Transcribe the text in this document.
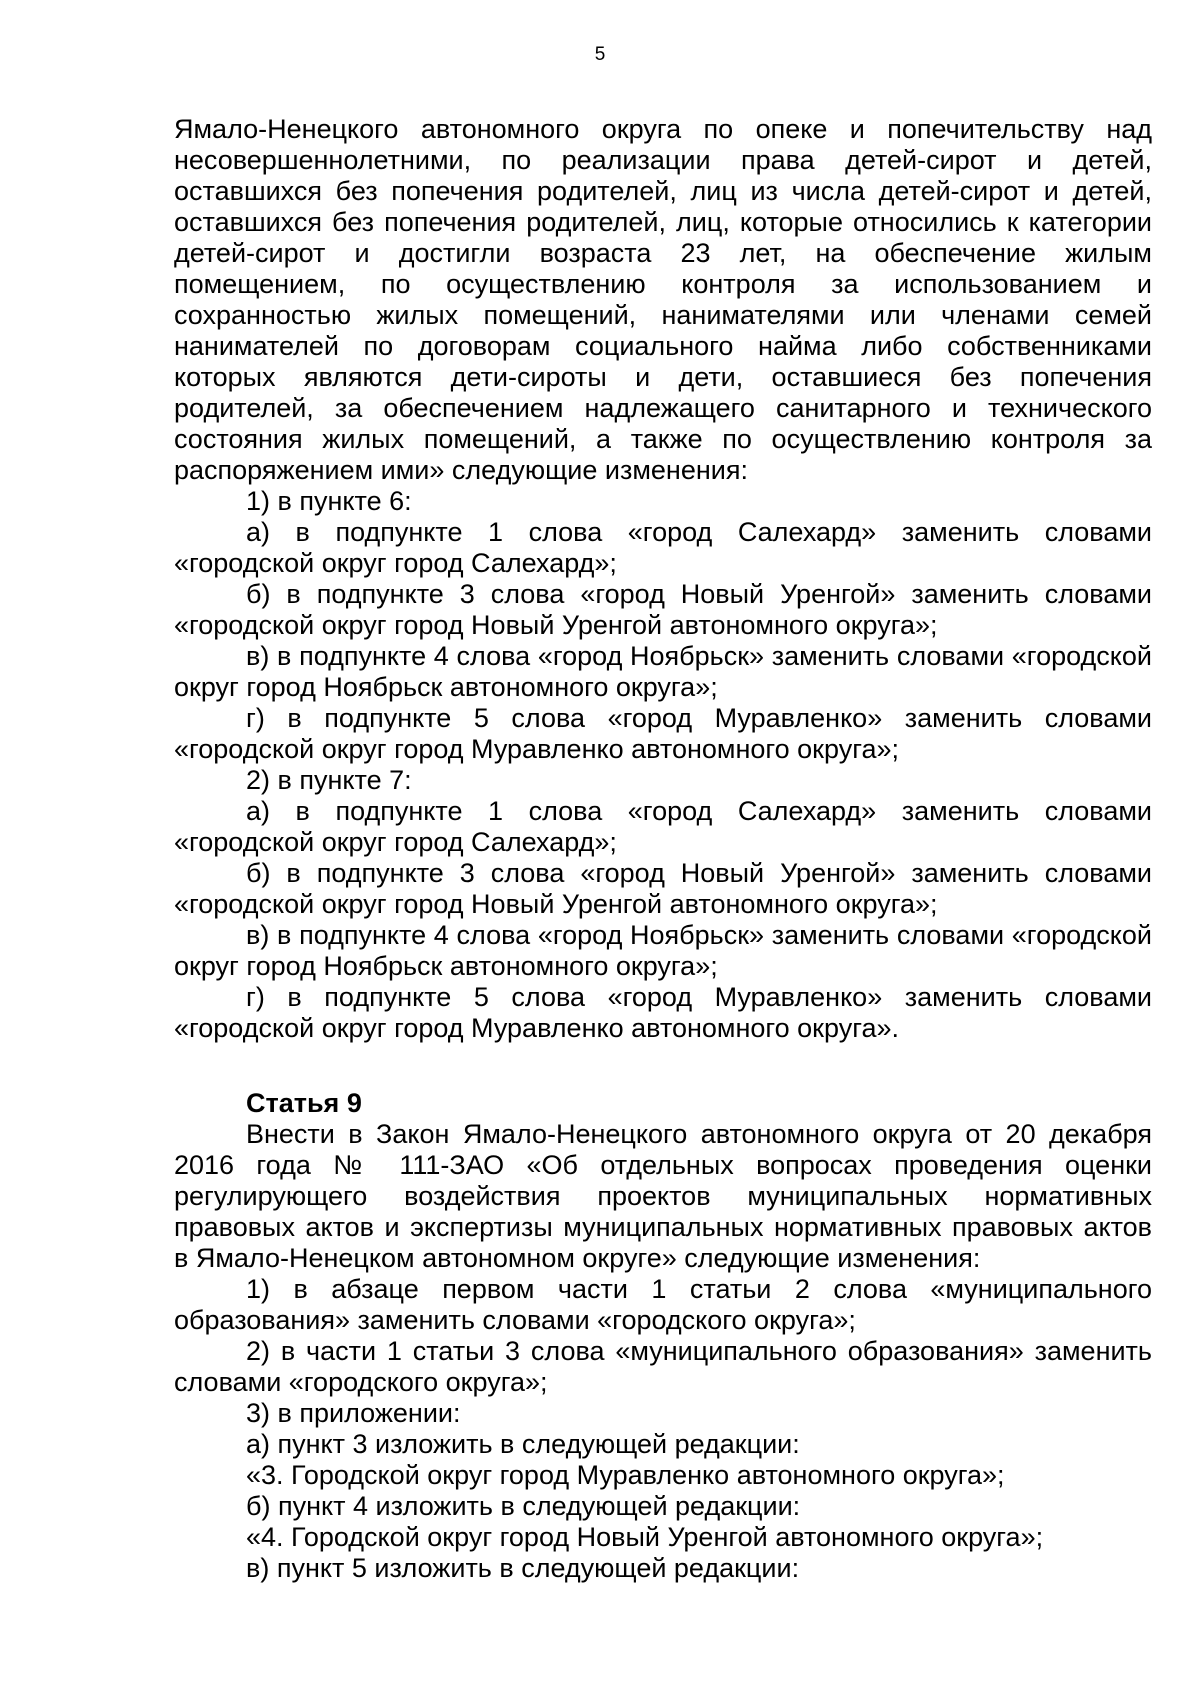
5

Ямало-Ненецкого автономного округа по опеке и попечительству над несовершеннолетними, по реализации права детей-сирот и детей, оставшихся без попечения родителей, лиц из числа детей-сирот и детей, оставшихся без попечения родителей, лиц, которые относились к категории детей-сирот и достигли возраста 23 лет, на обеспечение жилым помещением, по осуществлению контроля за использованием и сохранностью жилых помещений, нанимателями или членами семей нанимателей по договорам социального найма либо собственниками которых являются дети-сироты и дети, оставшиеся без попечения родителей, за обеспечением надлежащего санитарного и технического состояния жилых помещений, а также по осуществлению контроля за распоряжением ими» следующие изменения:

1) в пункте 6:

а) в подпункте 1 слова «город Салехард» заменить словами «городской округ город Салехард»;

б) в подпункте 3 слова «город Новый Уренгой» заменить словами «городской округ город Новый Уренгой автономного округа»;

в) в подпункте 4 слова «город Ноябрьск» заменить словами «городской округ город Ноябрьск автономного округа»;

г) в подпункте 5 слова «город Муравленко» заменить словами «городской округ город Муравленко автономного округа»;

2) в пункте 7:

а) в подпункте 1 слова «город Салехард» заменить словами «городской округ город Салехард»;

б) в подпункте 3 слова «город Новый Уренгой» заменить словами «городской округ город Новый Уренгой автономного округа»;

в) в подпункте 4 слова «город Ноябрьск» заменить словами «городской округ город Ноябрьск автономного округа»;

г) в подпункте 5 слова «город Муравленко» заменить словами «городской округ город Муравленко автономного округа».

Статья 9

Внести в Закон Ямало-Ненецкого автономного округа от 20 декабря 2016 года № 111-ЗАО «Об отдельных вопросах проведения оценки регулирующего воздействия проектов муниципальных нормативных правовых актов и экспертизы муниципальных нормативных правовых актов в Ямало-Ненецком автономном округе» следующие изменения:

1) в абзаце первом части 1 статьи 2 слова «муниципального образования» заменить словами «городского округа»;

2) в части 1 статьи 3 слова «муниципального образования» заменить словами «городского округа»;

3) в приложении:

а) пункт 3 изложить в следующей редакции:

«3. Городской округ город Муравленко автономного округа»;

б) пункт 4 изложить в следующей редакции:

«4. Городской округ город Новый Уренгой автономного округа»;

в) пункт 5 изложить в следующей редакции:
